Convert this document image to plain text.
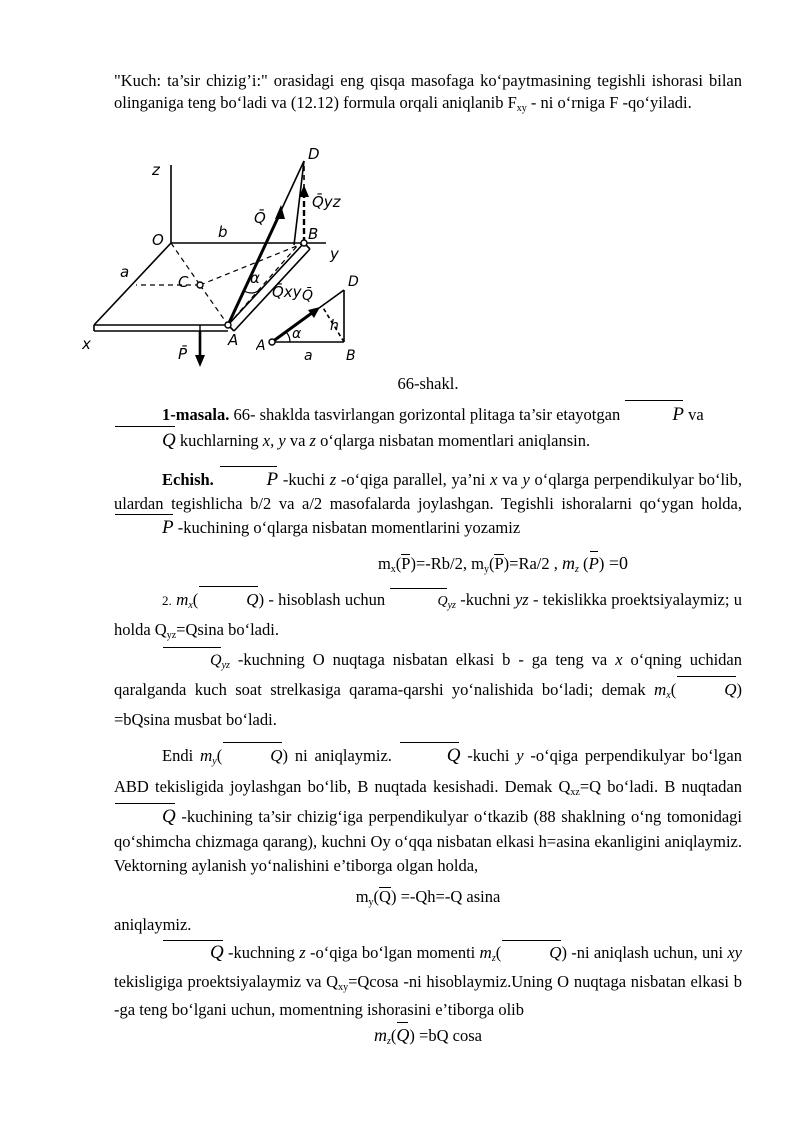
"Kuch: ta’sir chizig’i:" orasidagi eng qisqa masofaga ko‘paytmasining tegishli ishorasi bilan olinganiga teng bo‘ladi va (12.12) formula orqali aniqlanib $F_{xy}$ - ni o‘rniga F -qo‘yiladi.

z
D
Q̄yz
Q̄
O	b	B
y
a
C	α
Q̄xy
x	A
P̄
Q̄
D
h
α
A
a B

66-shakl.

1-masala. 66- shaklda tasvirlangan gorizontal plitaga ta’sir etayotgan	P va
Q kuchlarning x, y va z o‘qlarga nisbatan momentlari aniqlansin.

Echish.	P -kuchi z -o‘qiga parallel, ya’ni x va y o‘qlarga perpendikulyar bo‘lib, ulardan tegishlicha b/2 va a/2 masofalarda joylashgan. Tegishli ishoralarni qo‘ygan holda, P -kuchining o‘qlarga nisbatan momentlarini yozamiz

$m_x(P)=-Rb/2$, $m_y(P)=Ra/2$ , $m_z$ (P) =0

2. $m_x$(	Q) - hisoblash uchun	$Q_{yz}$ -kuchni yz - tekislikka proektsiyalaymiz; u holda $Q_{yz}=Qsina$ bo‘ladi.

$Q_{yz}$ -kuchning O nuqtaga nisbatan elkasi b - ga teng va x o‘qning uchidan qaralganda kuch soat strelkasiga qarama-qarshi yo‘nalishida bo‘ladi; demak $m_x$(	Q) =bQsina musbat bo‘ladi.

Endi $m_y$(	Q) ni aniqlaymiz.	Q -kuchi y -o‘qiga perpendikulyar bo‘lgan ABD tekisligida joylashgan bo‘lib, B nuqtada kesishadi. Demak $Q_{xz}=Q$ bo‘ladi. B nuqtadan Q -kuchining ta’sir chizig‘iga perpendikulyar o‘tkazib (88 shaklning o‘ng tomonidagi qo‘shimcha chizmaga qarang), kuchni Oy o‘qqa nisbatan elkasi h=asina ekanligini aniqlaymiz. Vektorning aylanish yo‘nalishini e’tiborga olgan holda,

$m_y(Q) =-Qh=-Q$ asina

aniqlaymiz.

Q -kuchning z -o‘qiga bo‘lgan momenti $m_z$(	Q) -ni aniqlash uchun, uni xy tekisligiga proektsiyalaymiz va $Q_{xy}=Qcosa$ -ni hisoblaymiz.Uning O nuqtaga nisbatan elkasi b -ga teng bo‘lgani uchun, momentning ishorasini e’tiborga olib

$m_z(Q) =bQ$ cosa
